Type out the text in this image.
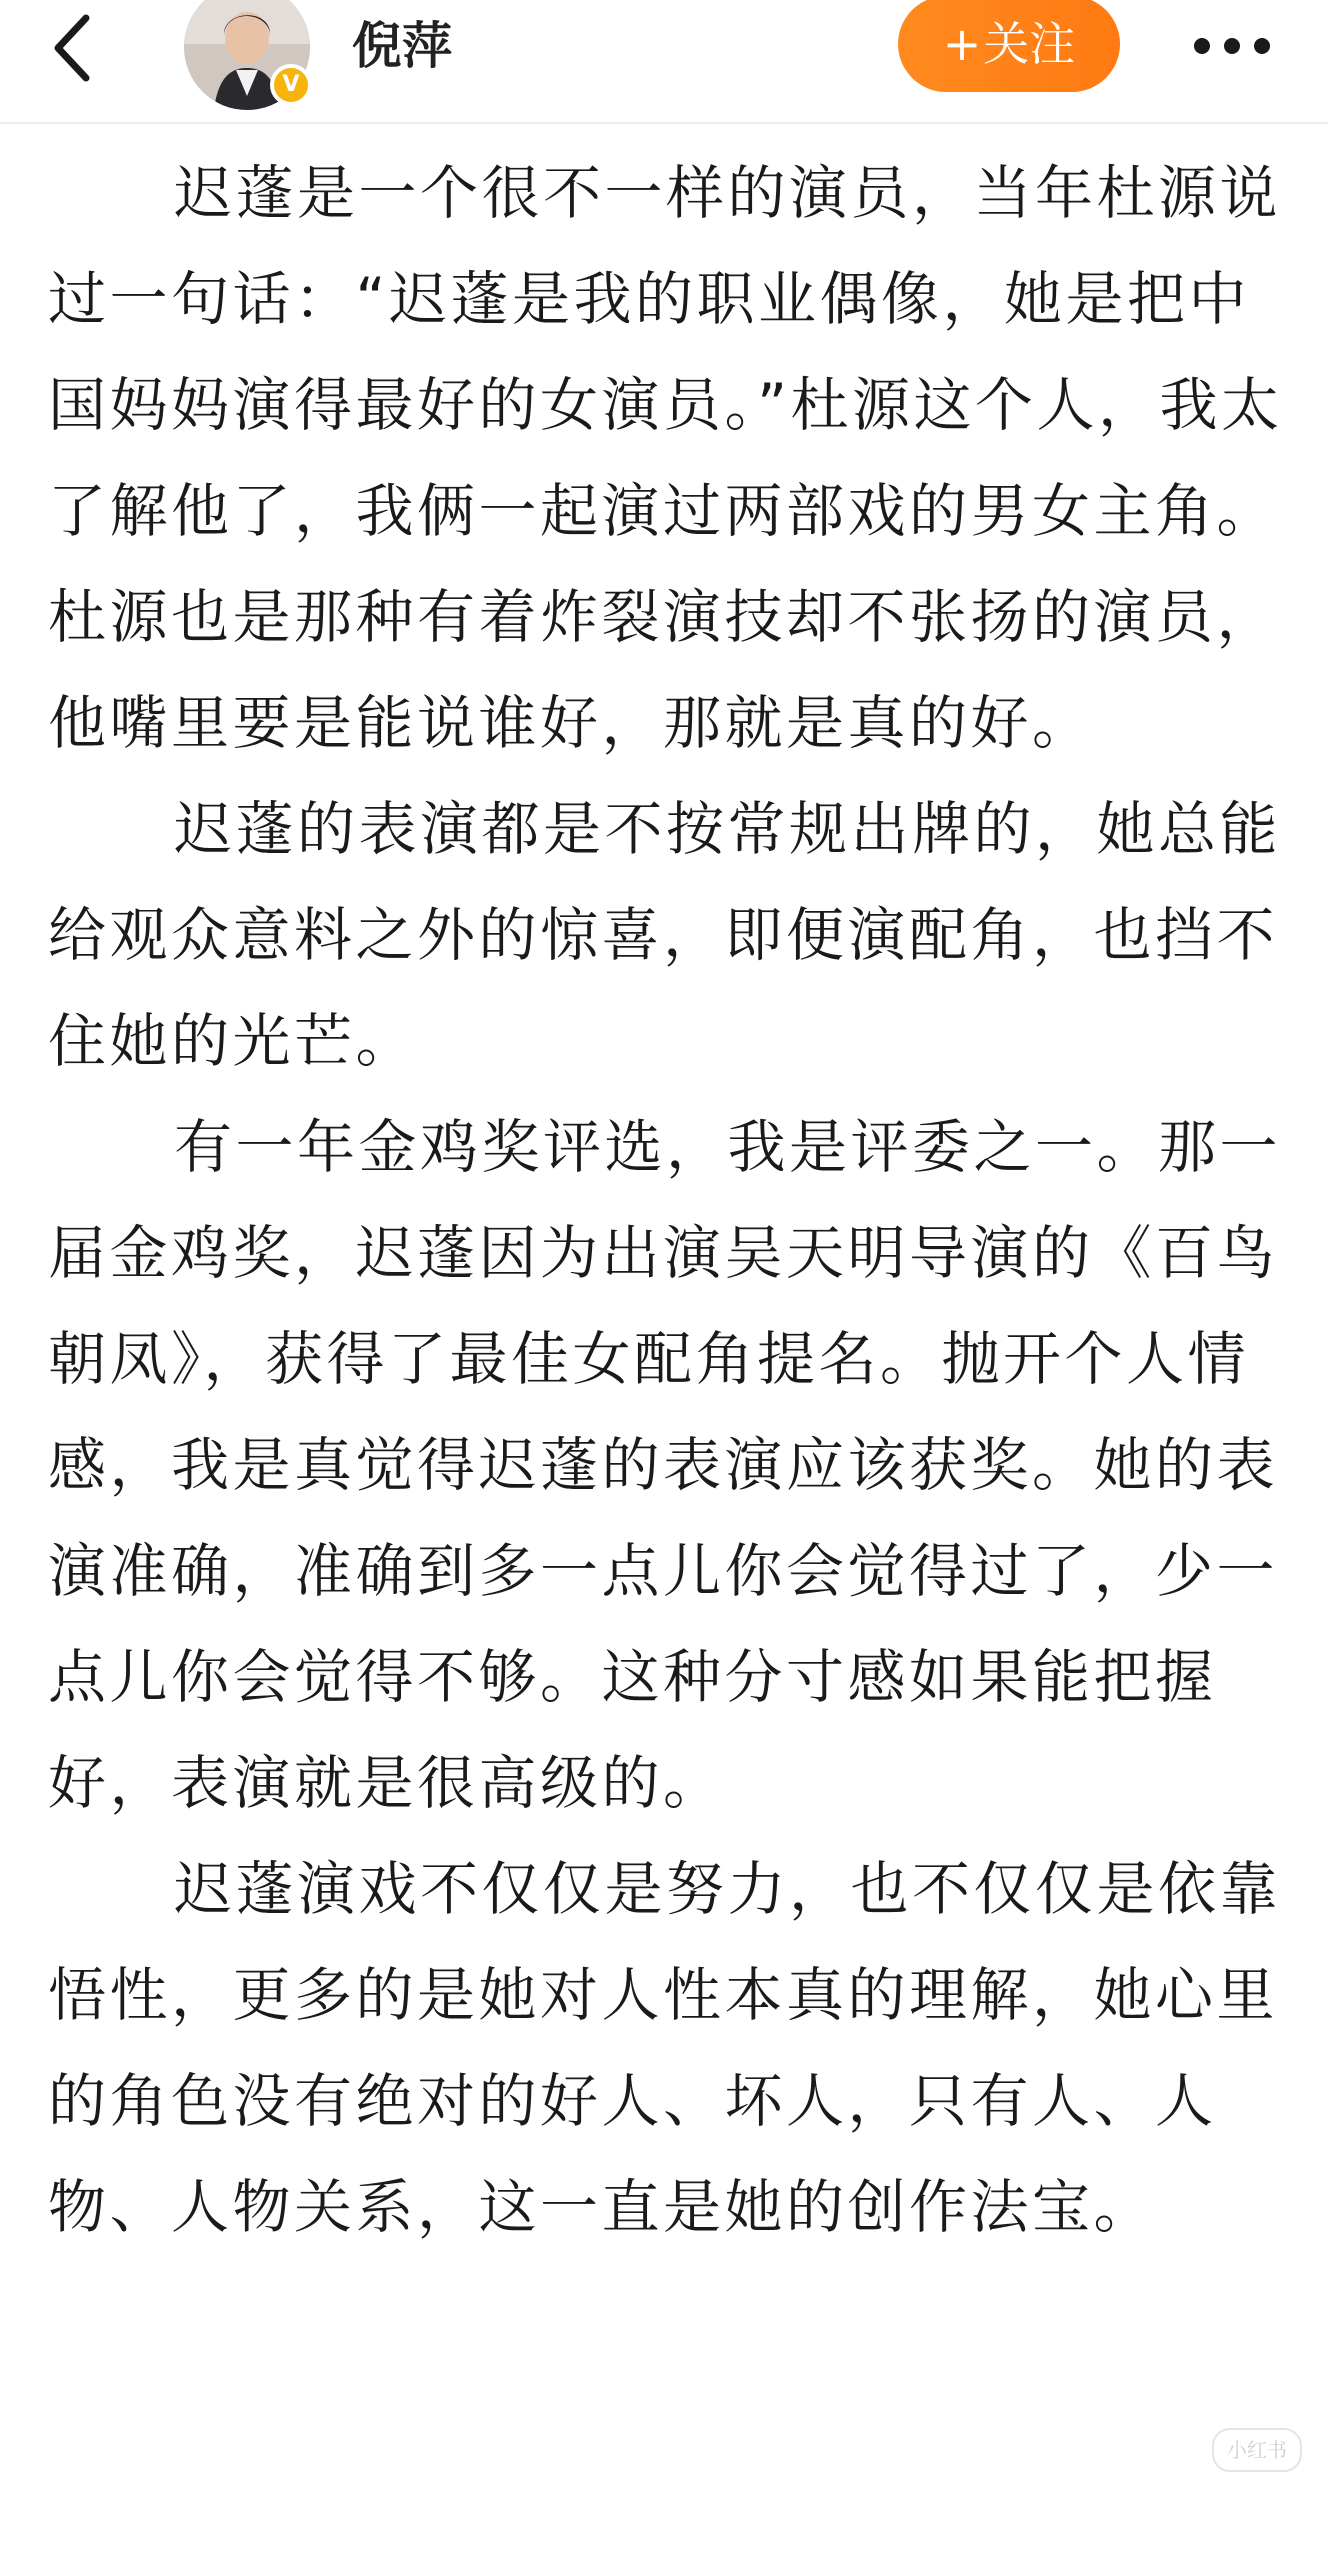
V
倪萍	+关注

迟蓬是一个很不一样的演员，当年杜源说过一句话：“迟蓬是我的职业偶像，她是把中国妈妈演得最好的女演员。”杜源这个人，我太了解他了，我俩一起演过两部戏的男女主角。杜源也是那种有着炸裂演技却不张扬的演员，他嘴里要是能说谁好，那就是真的好。

迟蓬的表演都是不按常规出牌的，她总能给观众意料之外的惊喜，即便演配角，也挡不住她的光芒。

有一年金鸡奖评选，我是评委之一。那一届金鸡奖，迟蓬因为出演吴天明导演的《百鸟朝凤》，获得了最佳女配角提名。抛开个人情感，我是真觉得迟蓬的表演应该获奖。她的表演准确，准确到多一点儿你会觉得过了，少一点儿你会觉得不够。这种分寸感如果能把握好，表演就是很高级的。

迟蓬演戏不仅仅是努力，也不仅仅是依靠悟性，更多的是她对人性本真的理解，她心里的角色没有绝对的好人、坏人，只有人、人物、人物关系，这一直是她的创作法宝。

小红书
